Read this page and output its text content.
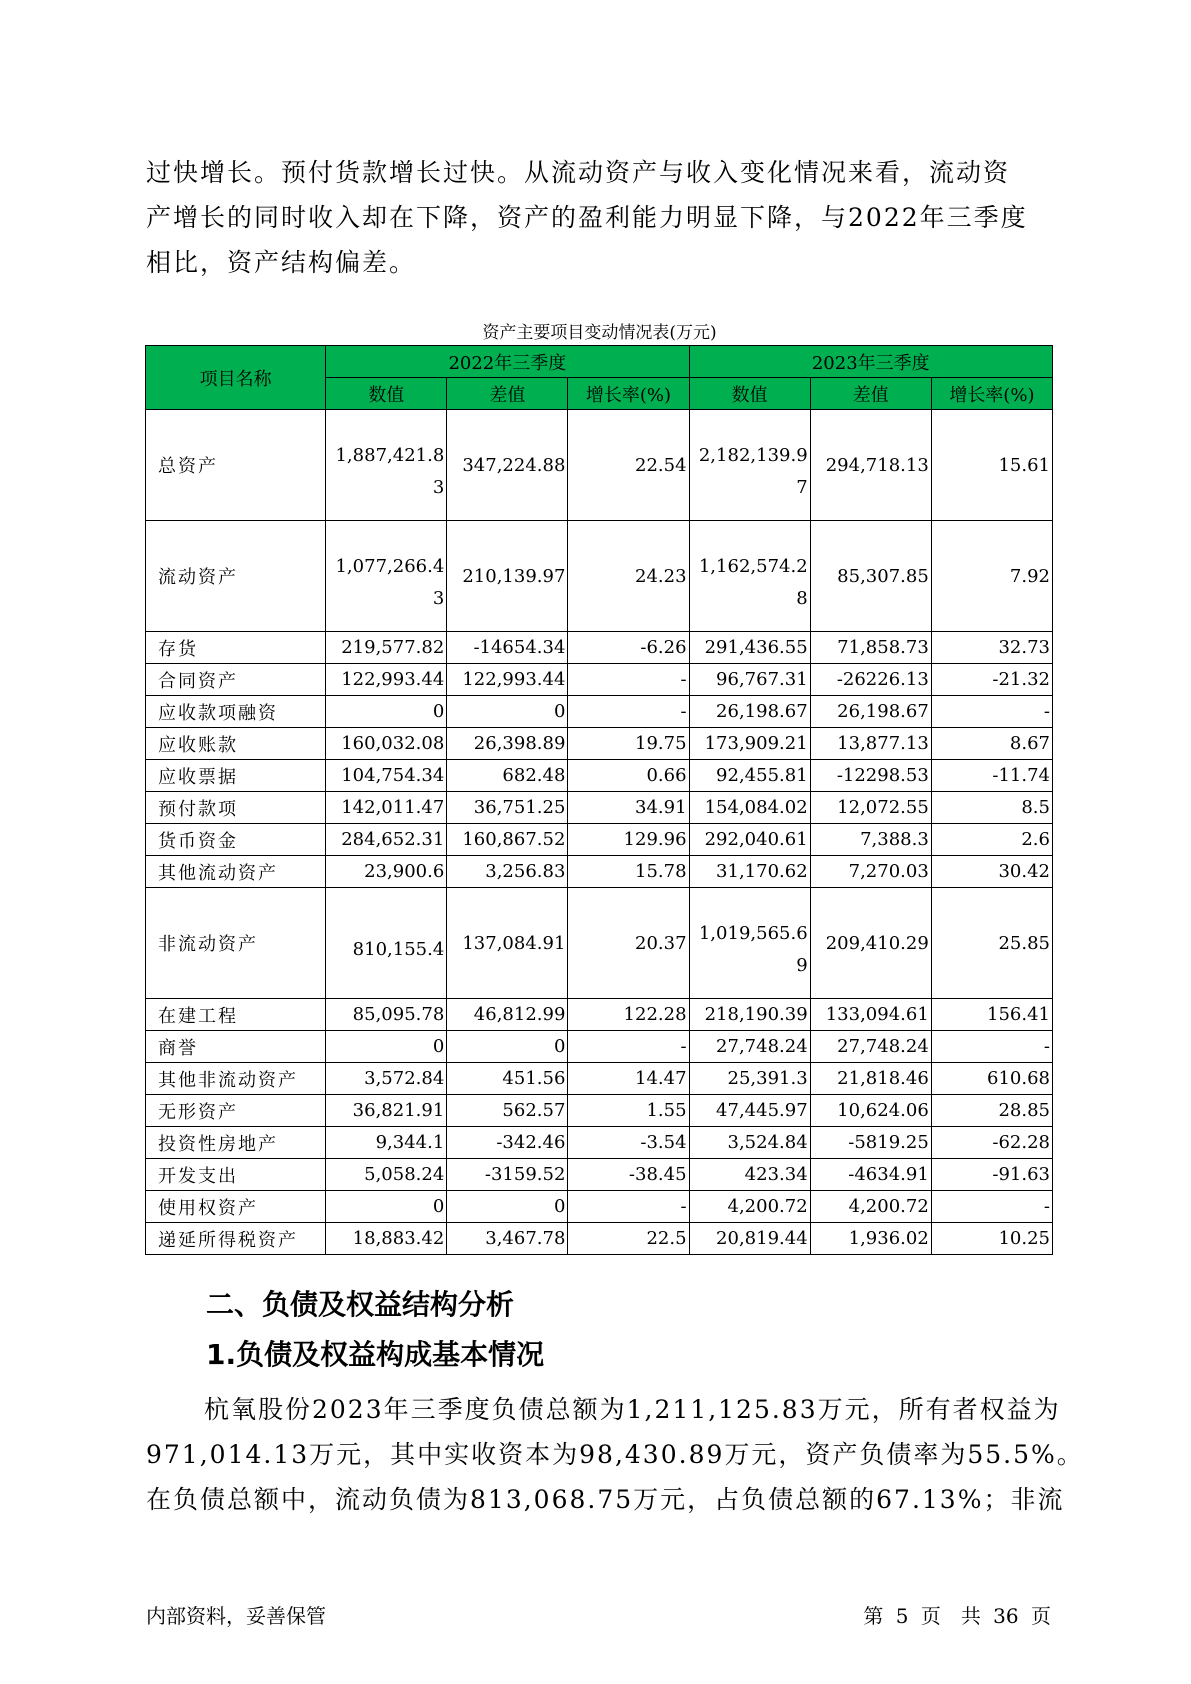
过快增长。预付货款增长过快。从流动资产与收入变化情况来看，流动资
产增长的同时收入却在下降，资产的盈利能力明显下降，与2022年三季度
相比，资产结构偏差。
资产主要项目变动情况表(万元)
项目名称	2022年三季度			2023年三季度		
	数值	差值	增长率(%)	数值	差值	增长率(%)
总资产	1,887,421.83	347,224.88	22.54	2,182,139.97	294,718.13	15.61
流动资产	1,077,266.43	210,139.97	24.23	1,162,574.28	85,307.85	7.92
存货	219,577.82	-14654.34	-6.26	291,436.55	71,858.73	32.73
合同资产	122,993.44	122,993.44	-	96,767.31	-26226.13	-21.32
应收款项融资	0	0	-	26,198.67	26,198.67	-
应收账款	160,032.08	26,398.89	19.75	173,909.21	13,877.13	8.67
应收票据	104,754.34	682.48	0.66	92,455.81	-12298.53	-11.74
预付款项	142,011.47	36,751.25	34.91	154,084.02	12,072.55	8.5
货币资金	284,652.31	160,867.52	129.96	292,040.61	7,388.3	2.6
其他流动资产	23,900.6	3,256.83	15.78	31,170.62	7,270.03	30.42
非流动资产	810,155.4	137,084.91	20.37	1,019,565.69	209,410.29	25.85
在建工程	85,095.78	46,812.99	122.28	218,190.39	133,094.61	156.41
商誉	0	0	-	27,748.24	27,748.24	-
其他非流动资产	3,572.84	451.56	14.47	25,391.3	21,818.46	610.68
无形资产	36,821.91	562.57	1.55	47,445.97	10,624.06	28.85
投资性房地产	9,344.1	-342.46	-3.54	3,524.84	-5819.25	-62.28
开发支出	5,058.24	-3159.52	-38.45	423.34	-4634.91	-91.63
使用权资产	0	0	-	4,200.72	4,200.72	-
递延所得税资产	18,883.42	3,467.78	22.5	20,819.44	1,936.02	10.25
二、负债及权益结构分析
1.负债及权益构成基本情况
杭氧股份2023年三季度负债总额为1,211,125.83万元，所有者权益为
971,014.13万元，其中实收资本为98,430.89万元，资产负债率为55.5%。
在负债总额中，流动负债为813,068.75万元，占负债总额的67.13%；非流
内部资料，妥善保管	第 5 页　共 36 页
